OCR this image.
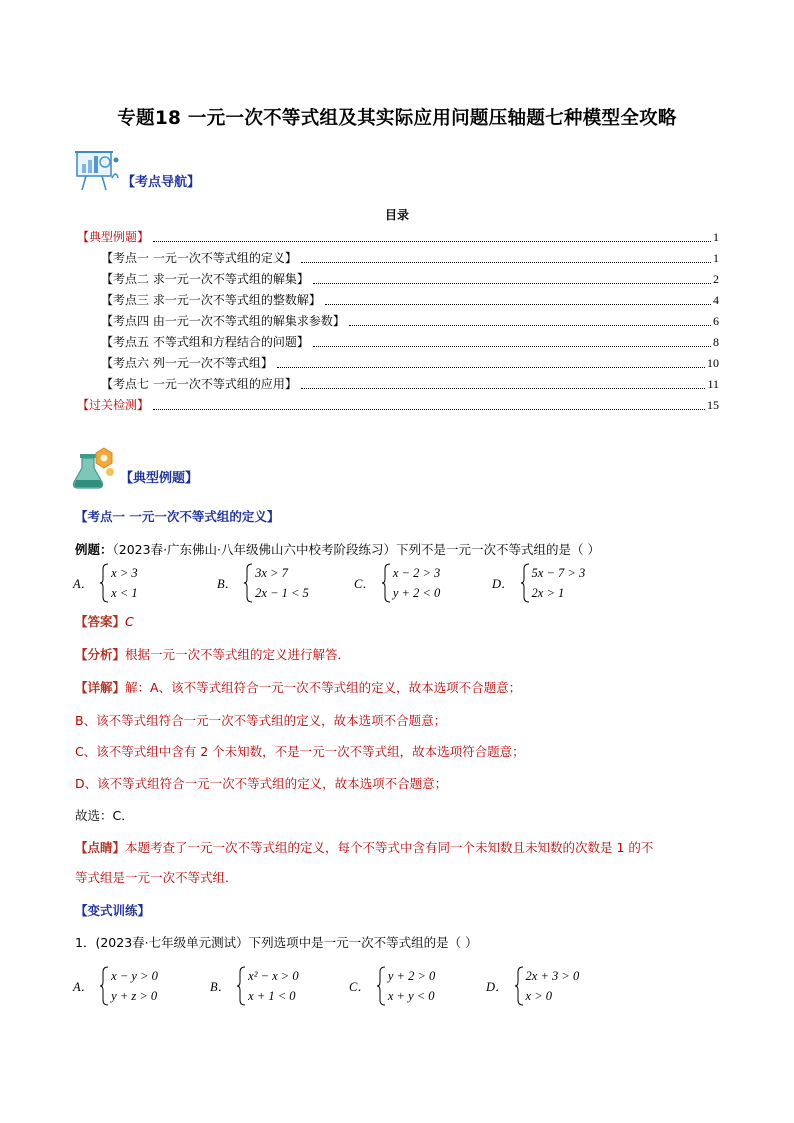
专题18 一元一次不等式组及其实际应用问题压轴题七种模型全攻略
【考点导航】
目录
【典型例题】	1
【考点一 一元一次不等式组的定义】	1
【考点二 求一元一次不等式组的解集】	2
【考点三 求一元一次不等式组的整数解】	4
【考点四 由一元一次不等式组的解集求参数】	6
【考点五 不等式组和方程结合的问题】	8
【考点六 列一元一次不等式组】	10
【考点七 一元一次不等式组的应用】	11
【过关检测】	15
【典型例题】
【考点一 一元一次不等式组的定义】
例题：（2023春·广东佛山·八年级佛山六中校考阶段练习）下列不是一元一次不等式组的是（ ）
A．
x > 3
x < 1
B．
3x > 7
2x − 1 < 5
C．
x − 2 > 3
y + 2 < 0
D．
5x − 7 > 3
2x > 1
【答案】C
【分析】根据一元一次不等式组的定义进行解答．
【详解】解：A、该不等式组符合一元一次不等式组的定义，故本选项不合题意；
B、该不等式组符合一元一次不等式组的定义，故本选项不合题意；
C、该不等式组中含有 2 个未知数，不是一元一次不等式组，故本选项符合题意；
D、该不等式组符合一元一次不等式组的定义，故本选项不合题意；
故选：C．
【点睛】本题考查了一元一次不等式组的定义，每个不等式中含有同一个未知数且未知数的次数是 1 的不
等式组是一元一次不等式组．
【变式训练】
1．(2023春·七年级单元测试）下列选项中是一元一次不等式组的是（ ）
A．
x − y > 0
y + z > 0
B．
x² − x > 0
x + 1 < 0
C．
y + 2 > 0
x + y < 0
D．
2x + 3 > 0
x > 0
